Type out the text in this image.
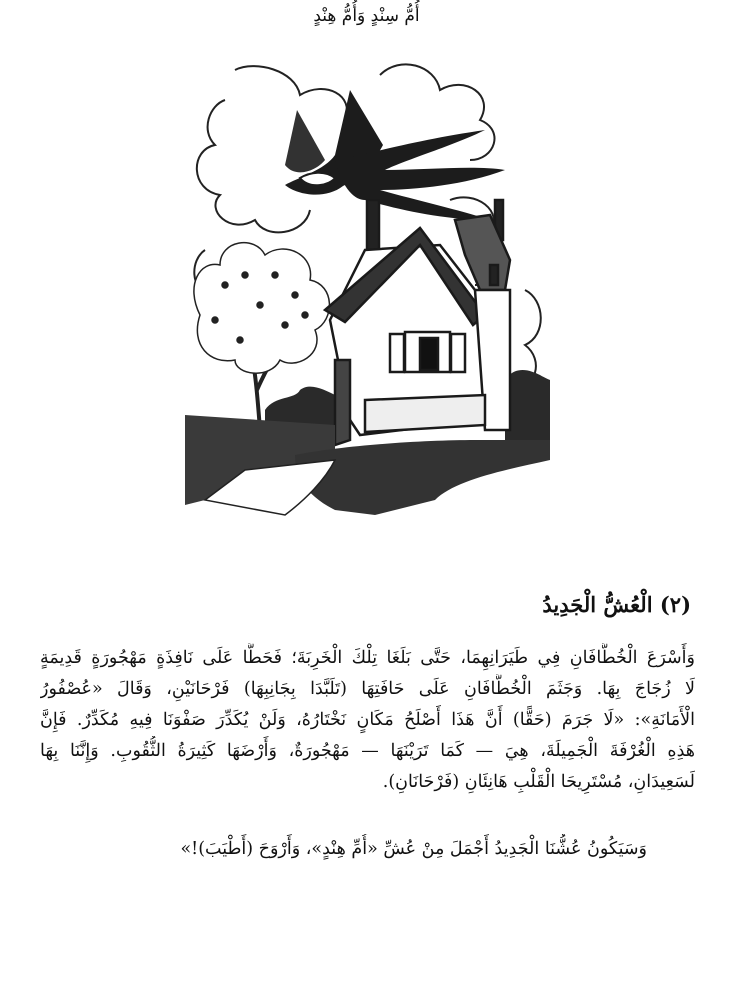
أُمُّ سِنْدٍ وَأُمُّ هِنْدٍ
(٢) الْعُشُّ الْجَدِيدُ
وَأَسْرَعَ الْخُطَّافَانِ فِي طَيَرَانِهِمَا، حَتَّى بَلَغَا تِلْكَ الْخَرِبَةَ؛ فَحَطَّا عَلَى نَافِذَةٍ مَهْجُورَةٍ قَدِيمَةٍ
لَا زُجَاجَ بِهَا. وَجَثَمَ الْخُطَّافَانِ عَلَى حَافَتِهَا (تَلَبَّدَا بِجَانِبِهَا) فَرْحَانَيْنِ، وَقَالَ «عُصْفُورُ
الْأَمَانَةِ»: «لَا جَرَمَ (حَقًّا) أَنَّ هَذَا أَصْلَحُ مَكَانٍ نَخْتَارُهُ، وَلَنْ يُكَدِّرَ صَفْوَنَا فِيهِ مُكَدِّرٌ. فَإِنَّ
هَذِهِ الْغُرْفَةَ الْجَمِيلَةَ، هِيَ — كَمَا تَرَيْنَهَا — مَهْجُورَةٌ، وَأَرْضَهَا كَثِيرَةُ الثُّقُوبِ. وَإِنَّنَا بِهَا
لَسَعِيدَانِ، مُسْتَرِيحَا الْقَلْبِ هَانِئَانِ (فَرْحَانَانِ).
وَسَيَكُونُ عُشُّنَا الْجَدِيدُ أَجْمَلَ مِنْ عُشِّ «أُمِّ هِنْدٍ»، وَأَرْوَحَ (أَطْيَبَ)!»
